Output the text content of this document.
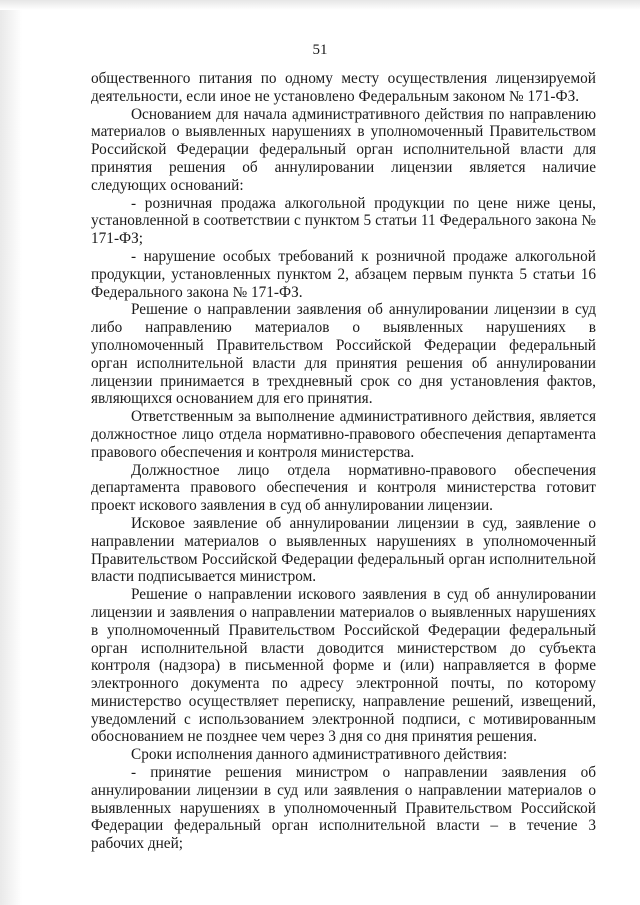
51

общественного питания по одному месту осуществления лицензируемой деятельности, если иное не установлено Федеральным законом № 171-ФЗ.

Основанием для начала административного действия по направлению материалов о выявленных нарушениях в уполномоченный Правительством Российской Федерации федеральный орган исполнительной власти для принятия решения об аннулировании лицензии является наличие следующих оснований:

- розничная продажа алкогольной продукции по цене ниже цены, установленной в соответствии с пунктом 5 статьи 11 Федерального закона № 171-ФЗ;

- нарушение особых требований к розничной продаже алкогольной продукции, установленных пунктом 2, абзацем первым пункта 5 статьи 16 Федерального закона № 171-ФЗ.

Решение о направлении заявления об аннулировании лицензии в суд либо направлению материалов о выявленных нарушениях в уполномоченный Правительством Российской Федерации федеральный орган исполнительной власти для принятия решения об аннулировании лицензии принимается в трехдневный срок со дня установления фактов, являющихся основанием для его принятия.

Ответственным за выполнение административного действия, является должностное лицо отдела нормативно-правового обеспечения департамента правового обеспечения и контроля министерства.

Должностное лицо отдела нормативно-правового обеспечения департамента правового обеспечения и контроля министерства готовит проект искового заявления в суд об аннулировании лицензии.

Исковое заявление об аннулировании лицензии в суд, заявление о направлении материалов о выявленных нарушениях в уполномоченный Правительством Российской Федерации федеральный орган исполнительной власти подписывается министром.

Решение о направлении искового заявления в суд об аннулировании лицензии и заявления о направлении материалов о выявленных нарушениях в уполномоченный Правительством Российской Федерации федеральный орган исполнительной власти доводится министерством до субъекта контроля (надзора) в письменной форме и (или) направляется в форме электронного документа по адресу электронной почты, по которому министерство осуществляет переписку, направление решений, извещений, уведомлений с использованием электронной подписи, с мотивированным обоснованием не позднее чем через 3 дня со дня принятия решения.

Сроки исполнения данного административного действия:

- принятие решения министром о направлении заявления об аннулировании лицензии в суд или заявления о направлении материалов о выявленных нарушениях в уполномоченный Правительством Российской Федерации федеральный орган исполнительной власти – в течение 3 рабочих дней;
